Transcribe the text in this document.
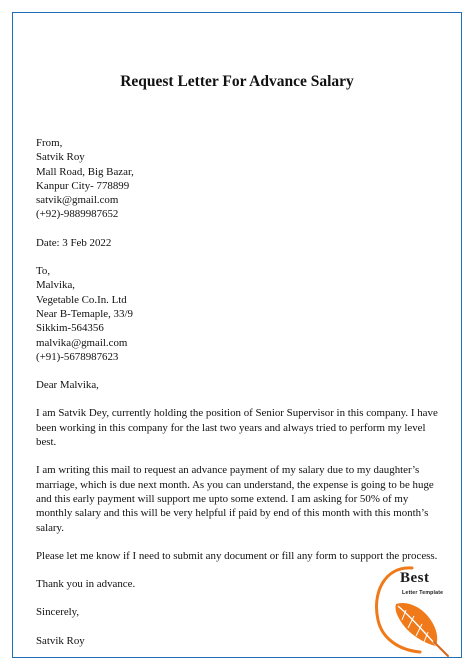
Request Letter For Advance Salary
From,
Satvik Roy
Mall Road, Big Bazar,
Kanpur City- 778899
satvik@gmail.com
(+92)-9889987652
Date: 3 Feb 2022
To,
Malvika,
Vegetable Co.In. Ltd
Near B-Temaple, 33/9
Sikkim-564356
malvika@gmail.com
(+91)-5678987623

Dear Malvika,

I am Satvik Dey, currently holding the position of Senior Supervisor in this company. I have been working in this company for the last two years and always tried to perform my level best.

I am writing this mail to request an advance payment of my salary due to my daughter’s marriage, which is due next month. As you can understand, the expense is going to be huge and this early payment will support me upto some extend. I am asking for 50% of my monthly salary and this will be very helpful if paid by end of this month with this month’s salary.

Please let me know if I need to submit any document or fill any form to support the process.

Thank you in advance.

Sincerely,

Satvik Roy

Best
Letter Template
